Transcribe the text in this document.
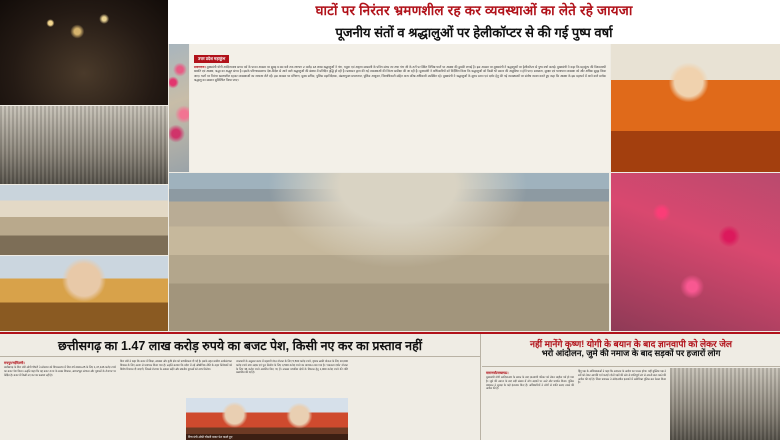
घाटों पर निरंतर भ्रमणशील रह कर व्यवस्थाओं का लेते रहे जायजा
पूजनीय संतों व श्रद्धालुओं पर हेलीकॉप्टर से की गई पुष्प वर्षा
उत्तर प्रदेश महाकुंभ

प्रयागराज। मुख्यमंत्री योगी आदित्यनाथ सगम पर्व के पावन अवसर पर सुबह 6:00 बजे तक लगभग 2 करोड़ 18 लाख श्रद्धालुओं ने गंगा, यमुना एवं अदृश्य सरस्वती के पवित्र संगम तट तथा गंगा जी के तटों पर स्थित विभिन्न घाटों पर आस्था की डुबकी लगाई है। इस अवसर पर मुख्यमंत्री ने श्रद्धालुओं पर हेलीकॉप्टर से पुष्प वर्षा कराई। मुख्यमंत्री ने कहा कि महाकुंभ की विश्वव्यापी ख्याति एवं आस्था, श्रद्धा का अद्भुत संगम है। इसके परिणामस्वरूप देश-विदेश से आने वाले श्रद्धालुओं की संख्या में प्रतिदिन वृद्धि हो रही है। प्रशासन द्वारा की गई व्यवस्थाओं की निरंतर समीक्षा की जा रही है। मुख्यमंत्री ने अधिकारियों को निर्देशित किया कि श्रद्धालुओं को किसी भी प्रकार की असुविधा न होने पाए। स्वच्छता, सुरक्षा एवं यातायात व्यवस्था को और अधिक सुदृढ़ किया जाए। घाटों पर निरंतर भ्रमणशील रहकर व्यवस्थाओं का जायजा लेते रहें। इस अवसर पर मंत्रिगण, मुख्य सचिव, पुलिस महानिदेशक, मंडलायुक्त प्रयागराज, पुलिस आयुक्त, जिलाधिकारी सहित अन्य वरिष्ठ अधिकारी उपस्थित रहे। मुख्यमंत्री ने श्रद्धालुओं के सुगम स्नान एवं दर्शन हेतु की गई व्यवस्थाओं पर संतोष व्यक्त करते हुए कहा कि आस्था के इस महापर्व में आने वाले प्रत्येक श्रद्धालु का सम्मान सुनिश्चित किया जाए।

छत्तीसगढ़ का 1.47 लाख करोड़ रुपये का बजट पेश, किसी नए कर का प्रस्ताव नहीं	नहीं मानेंगे कृष्ण! योगी के बयान के बाद ज्ञानवापी को लेकर जेल
भरो आंदोलन, जुमे की नमाज के बाद सड़कों पर हजारों लोग
रायपुर/नईदिल्ली।
छत्तीसगढ़ के वित्त मंत्री ओपी चौधरी ने सोमवार को विधानसभा में वित्त वर्ष 2024-25 के लिए 1,47,446 करोड़ रुपये का बजट पेश किया। उन्होंने कहा कि यह बजट राज्य के समग्र विकास, आधारभूत संरचना और युवाओं के रोजगार पर केंद्रित है। बजट में किसी नए कर का प्रस्ताव नहीं है।
वित्त मंत्री ने कहा कि बजट में शिक्षा, स्वास्थ्य और कृषि क्षेत्र को प्राथमिकता दी गई है। इसके तहत ग्रामीण अधोसंरचना विकास के लिए अलग से प्रावधान किया गया है। उन्होंने बताया कि प्रदेश में नई औद्योगिक नीति के तहत निवेशकों को विशेष रियायत दी जाएगी, जिससे रोजगार के अवसर बढ़ेंगे और स्थानीय युवाओं को लाभ मिलेगा।
जानकारी के अनुसार बजट में महतारी वंदन योजना के लिए 5,500 करोड़ रुपये, कृषक उन्नति योजना के लिए 10,000 करोड़ रुपये तथा सड़क एवं पुल निर्माण के लिए 4,500 करोड़ रुपये का प्रावधान रखा गया है। 'रामलला दर्शन' योजना के लिए 36 करोड़ रुपये आवंटित किए गए हैं। नक्सल प्रभावित क्षेत्रों के विकास हेतु 1,000 करोड़ रुपये की राशि प्रस्तावित की गई है।
वित्त मंत्री ओपी चौधरी बजट पेश करते हुए
वाराणसी/लखनऊ।
मुख्यमंत्री योगी आदित्यनाथ के बयान के बाद ज्ञानवापी परिसर को लेकर माहौल गर्म हो गया है। जुमे की नमाज के बाद बड़ी संख्या में लोग सड़कों पर उतरे और प्रदर्शन किया। पुलिस प्रशासन ने सुरक्षा के कड़े इंतजाम किए हैं। अधिकारियों ने लोगों से शांति बनाए रखने की अपील की है।
हिंदू पक्ष के अधिवक्ताओं ने कहा कि अदालत के आदेश का पालन होगा। वहीं मुस्लिम पक्ष ने सर्वे को लेकर आपत्ति दर्ज कराई। दोनों पक्षों की ओर से शांतिपूर्ण ढंग से अपनी बात रखने की अपील की गई है। जिला प्रशासन ने संवेदनशील इलाकों में अतिरिक्त पुलिस बल तैनात किया है।
